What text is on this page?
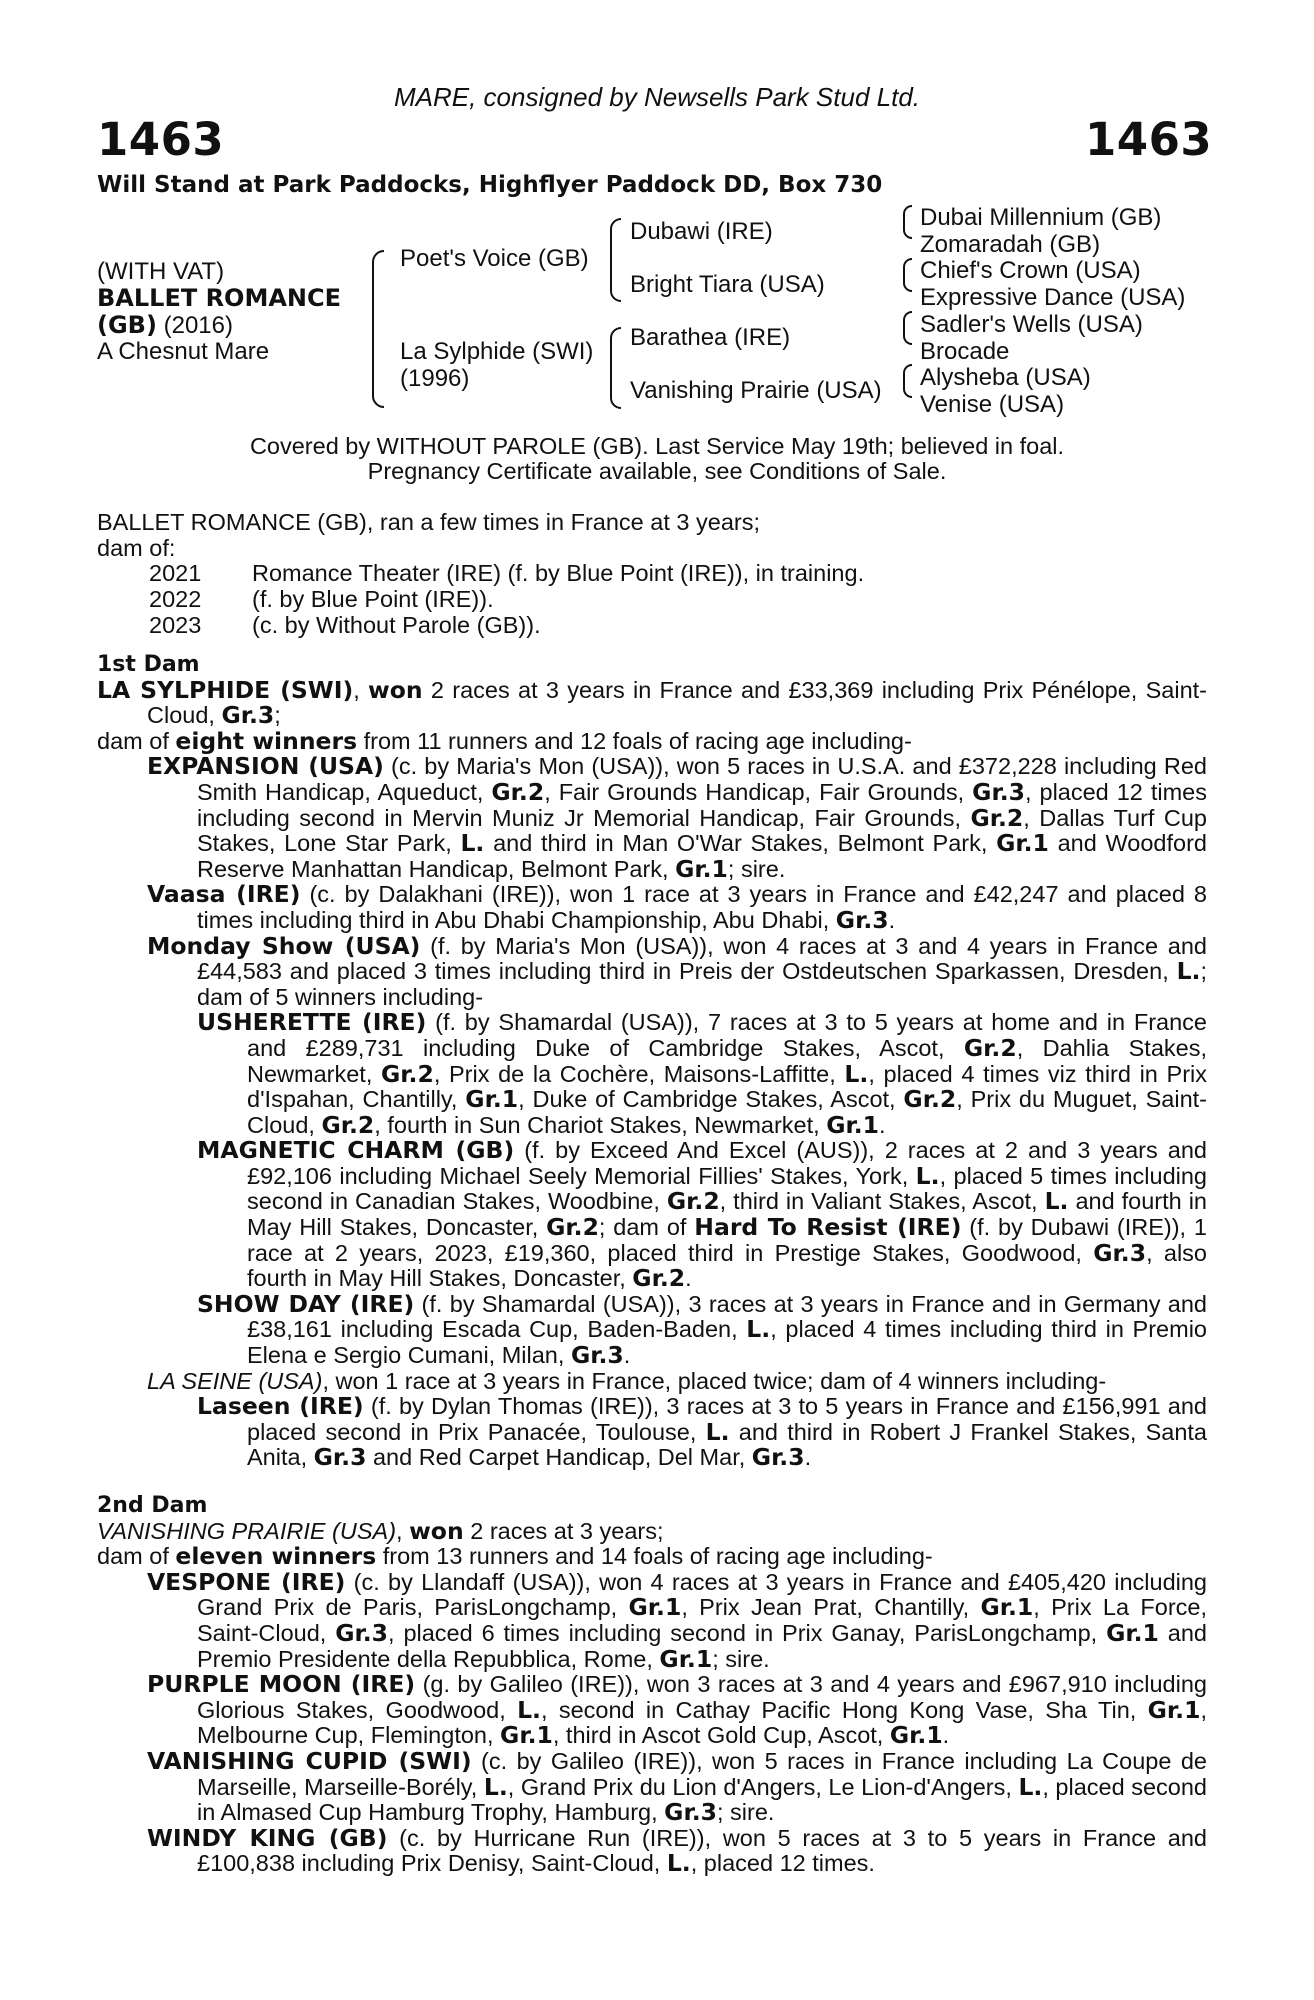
MARE, consigned by Newsells Park Stud Ltd.
1463	1463
Will Stand at Park Paddocks, Highflyer Paddock DD, Box 730
(WITH VAT)
BALLET ROMANCE
(GB) (2016)
A Chesnut Mare
Poet's Voice (GB)
La Sylphide (SWI)
(1996)
Dubawi (IRE)
Bright Tiara (USA)
Barathea (IRE)
Vanishing Prairie (USA)
Dubai Millennium (GB)
Zomaradah (GB)
Chief's Crown (USA)
Expressive Dance (USA)
Sadler's Wells (USA)
Brocade
Alysheba (USA)
Venise (USA)
Covered by WITHOUT PAROLE (GB). Last Service May 19th; believed in foal.
Pregnancy Certificate available, see Conditions of Sale.
BALLET ROMANCE (GB), ran a few times in France at 3 years;
dam of:
2021 Romance Theater (IRE) (f. by Blue Point (IRE)), in training.
2022 (f. by Blue Point (IRE)).
2023 (c. by Without Parole (GB)).
1st Dam
LA SYLPHIDE (SWI), won 2 races at 3 years in France and £33,369 including Prix Pénélope, Saint-Cloud, Gr.3;
dam of eight winners from 11 runners and 12 foals of racing age including-
EXPANSION (USA) (c. by Maria's Mon (USA)), won 5 races in U.S.A. and £372,228 including Red Smith Handicap, Aqueduct, Gr.2, Fair Grounds Handicap, Fair Grounds, Gr.3, placed 12 times including second in Mervin Muniz Jr Memorial Handicap, Fair Grounds, Gr.2, Dallas Turf Cup Stakes, Lone Star Park, L. and third in Man O'War Stakes, Belmont Park, Gr.1 and Woodford Reserve Manhattan Handicap, Belmont Park, Gr.1; sire.
Vaasa (IRE) (c. by Dalakhani (IRE)), won 1 race at 3 years in France and £42,247 and placed 8 times including third in Abu Dhabi Championship, Abu Dhabi, Gr.3.
Monday Show (USA) (f. by Maria's Mon (USA)), won 4 races at 3 and 4 years in France and £44,583 and placed 3 times including third in Preis der Ostdeutschen Sparkassen, Dresden, L.; dam of 5 winners including-
USHERETTE (IRE) (f. by Shamardal (USA)), 7 races at 3 to 5 years at home and in France and £289,731 including Duke of Cambridge Stakes, Ascot, Gr.2, Dahlia Stakes, Newmarket, Gr.2, Prix de la Cochère, Maisons-Laffitte, L., placed 4 times viz third in Prix d'Ispahan, Chantilly, Gr.1, Duke of Cambridge Stakes, Ascot, Gr.2, Prix du Muguet, Saint-Cloud, Gr.2, fourth in Sun Chariot Stakes, Newmarket, Gr.1.
MAGNETIC CHARM (GB) (f. by Exceed And Excel (AUS)), 2 races at 2 and 3 years and £92,106 including Michael Seely Memorial Fillies' Stakes, York, L., placed 5 times including second in Canadian Stakes, Woodbine, Gr.2, third in Valiant Stakes, Ascot, L. and fourth in May Hill Stakes, Doncaster, Gr.2; dam of Hard To Resist (IRE) (f. by Dubawi (IRE)), 1 race at 2 years, 2023, £19,360, placed third in Prestige Stakes, Goodwood, Gr.3, also fourth in May Hill Stakes, Doncaster, Gr.2.
SHOW DAY (IRE) (f. by Shamardal (USA)), 3 races at 3 years in France and in Germany and £38,161 including Escada Cup, Baden-Baden, L., placed 4 times including third in Premio Elena e Sergio Cumani, Milan, Gr.3.
LA SEINE (USA), won 1 race at 3 years in France, placed twice; dam of 4 winners including-
Laseen (IRE) (f. by Dylan Thomas (IRE)), 3 races at 3 to 5 years in France and £156,991 and placed second in Prix Panacée, Toulouse, L. and third in Robert J Frankel Stakes, Santa Anita, Gr.3 and Red Carpet Handicap, Del Mar, Gr.3.
2nd Dam
VANISHING PRAIRIE (USA), won 2 races at 3 years;
dam of eleven winners from 13 runners and 14 foals of racing age including-
VESPONE (IRE) (c. by Llandaff (USA)), won 4 races at 3 years in France and £405,420 including Grand Prix de Paris, ParisLongchamp, Gr.1, Prix Jean Prat, Chantilly, Gr.1, Prix La Force, Saint-Cloud, Gr.3, placed 6 times including second in Prix Ganay, ParisLongchamp, Gr.1 and Premio Presidente della Repubblica, Rome, Gr.1; sire.
PURPLE MOON (IRE) (g. by Galileo (IRE)), won 3 races at 3 and 4 years and £967,910 including Glorious Stakes, Goodwood, L., second in Cathay Pacific Hong Kong Vase, Sha Tin, Gr.1, Melbourne Cup, Flemington, Gr.1, third in Ascot Gold Cup, Ascot, Gr.1.
VANISHING CUPID (SWI) (c. by Galileo (IRE)), won 5 races in France including La Coupe de Marseille, Marseille-Borély, L., Grand Prix du Lion d'Angers, Le Lion-d'Angers, L., placed second in Almased Cup Hamburg Trophy, Hamburg, Gr.3; sire.
WINDY KING (GB) (c. by Hurricane Run (IRE)), won 5 races at 3 to 5 years in France and £100,838 including Prix Denisy, Saint-Cloud, L., placed 12 times.
